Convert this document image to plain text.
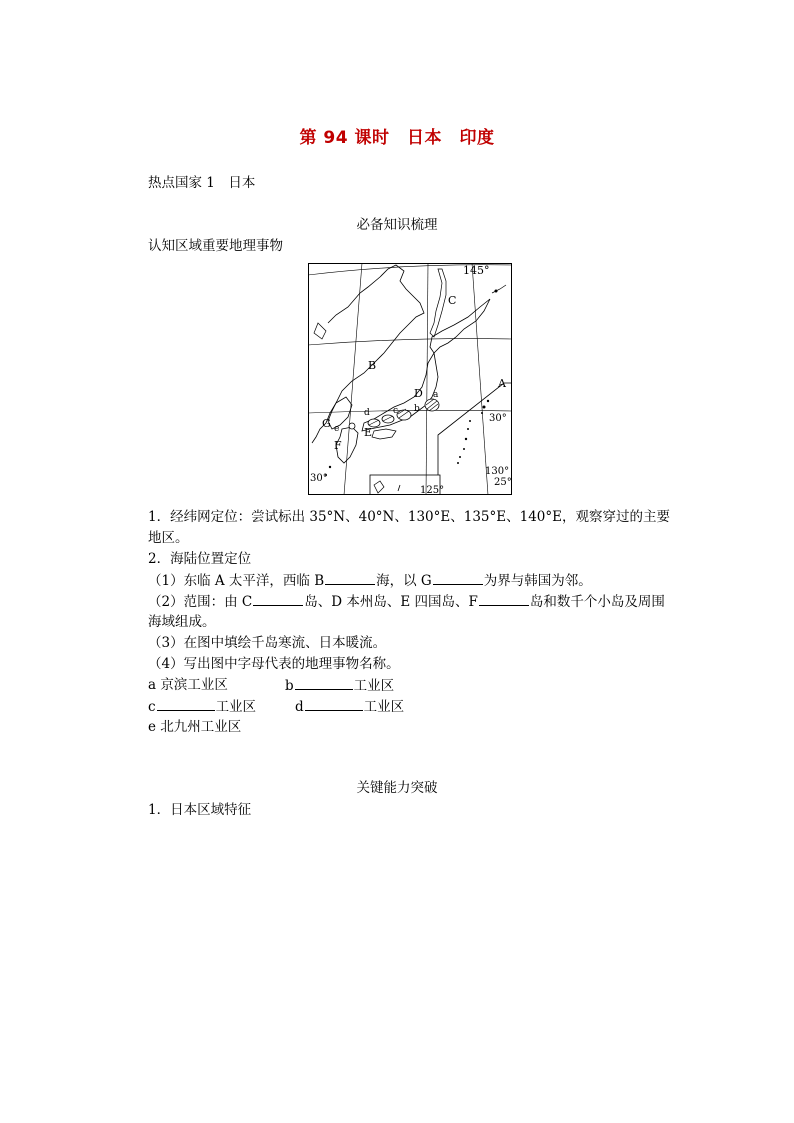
第 94 课时　日本　印度
热点国家 1　日本
必备知识梳理
认知区域重要地理事物
145°
C
B
A
D a
b
c
d	30°
G
E
e
F
130°
30°	25°
125°
1．经纬网定位：尝试标出 35°N、40°N、130°E、135°E、140°E，观察穿过的主要
地区。
2．海陆位置定位
（1）东临 A 太平洋，西临 B	海，以 G	为界与韩国为邻。
（2）范围：由 C	岛、D 本州岛、E 四国岛、F	岛和数千个小岛及周围
海域组成。
（3）在图中填绘千岛寒流、日本暖流。
（4）写出图中字母代表的地理事物名称。
a 京滨工业区	b	工业区
c	工业区	d	工业区
e 北九州工业区
关键能力突破
1．日本区域特征
